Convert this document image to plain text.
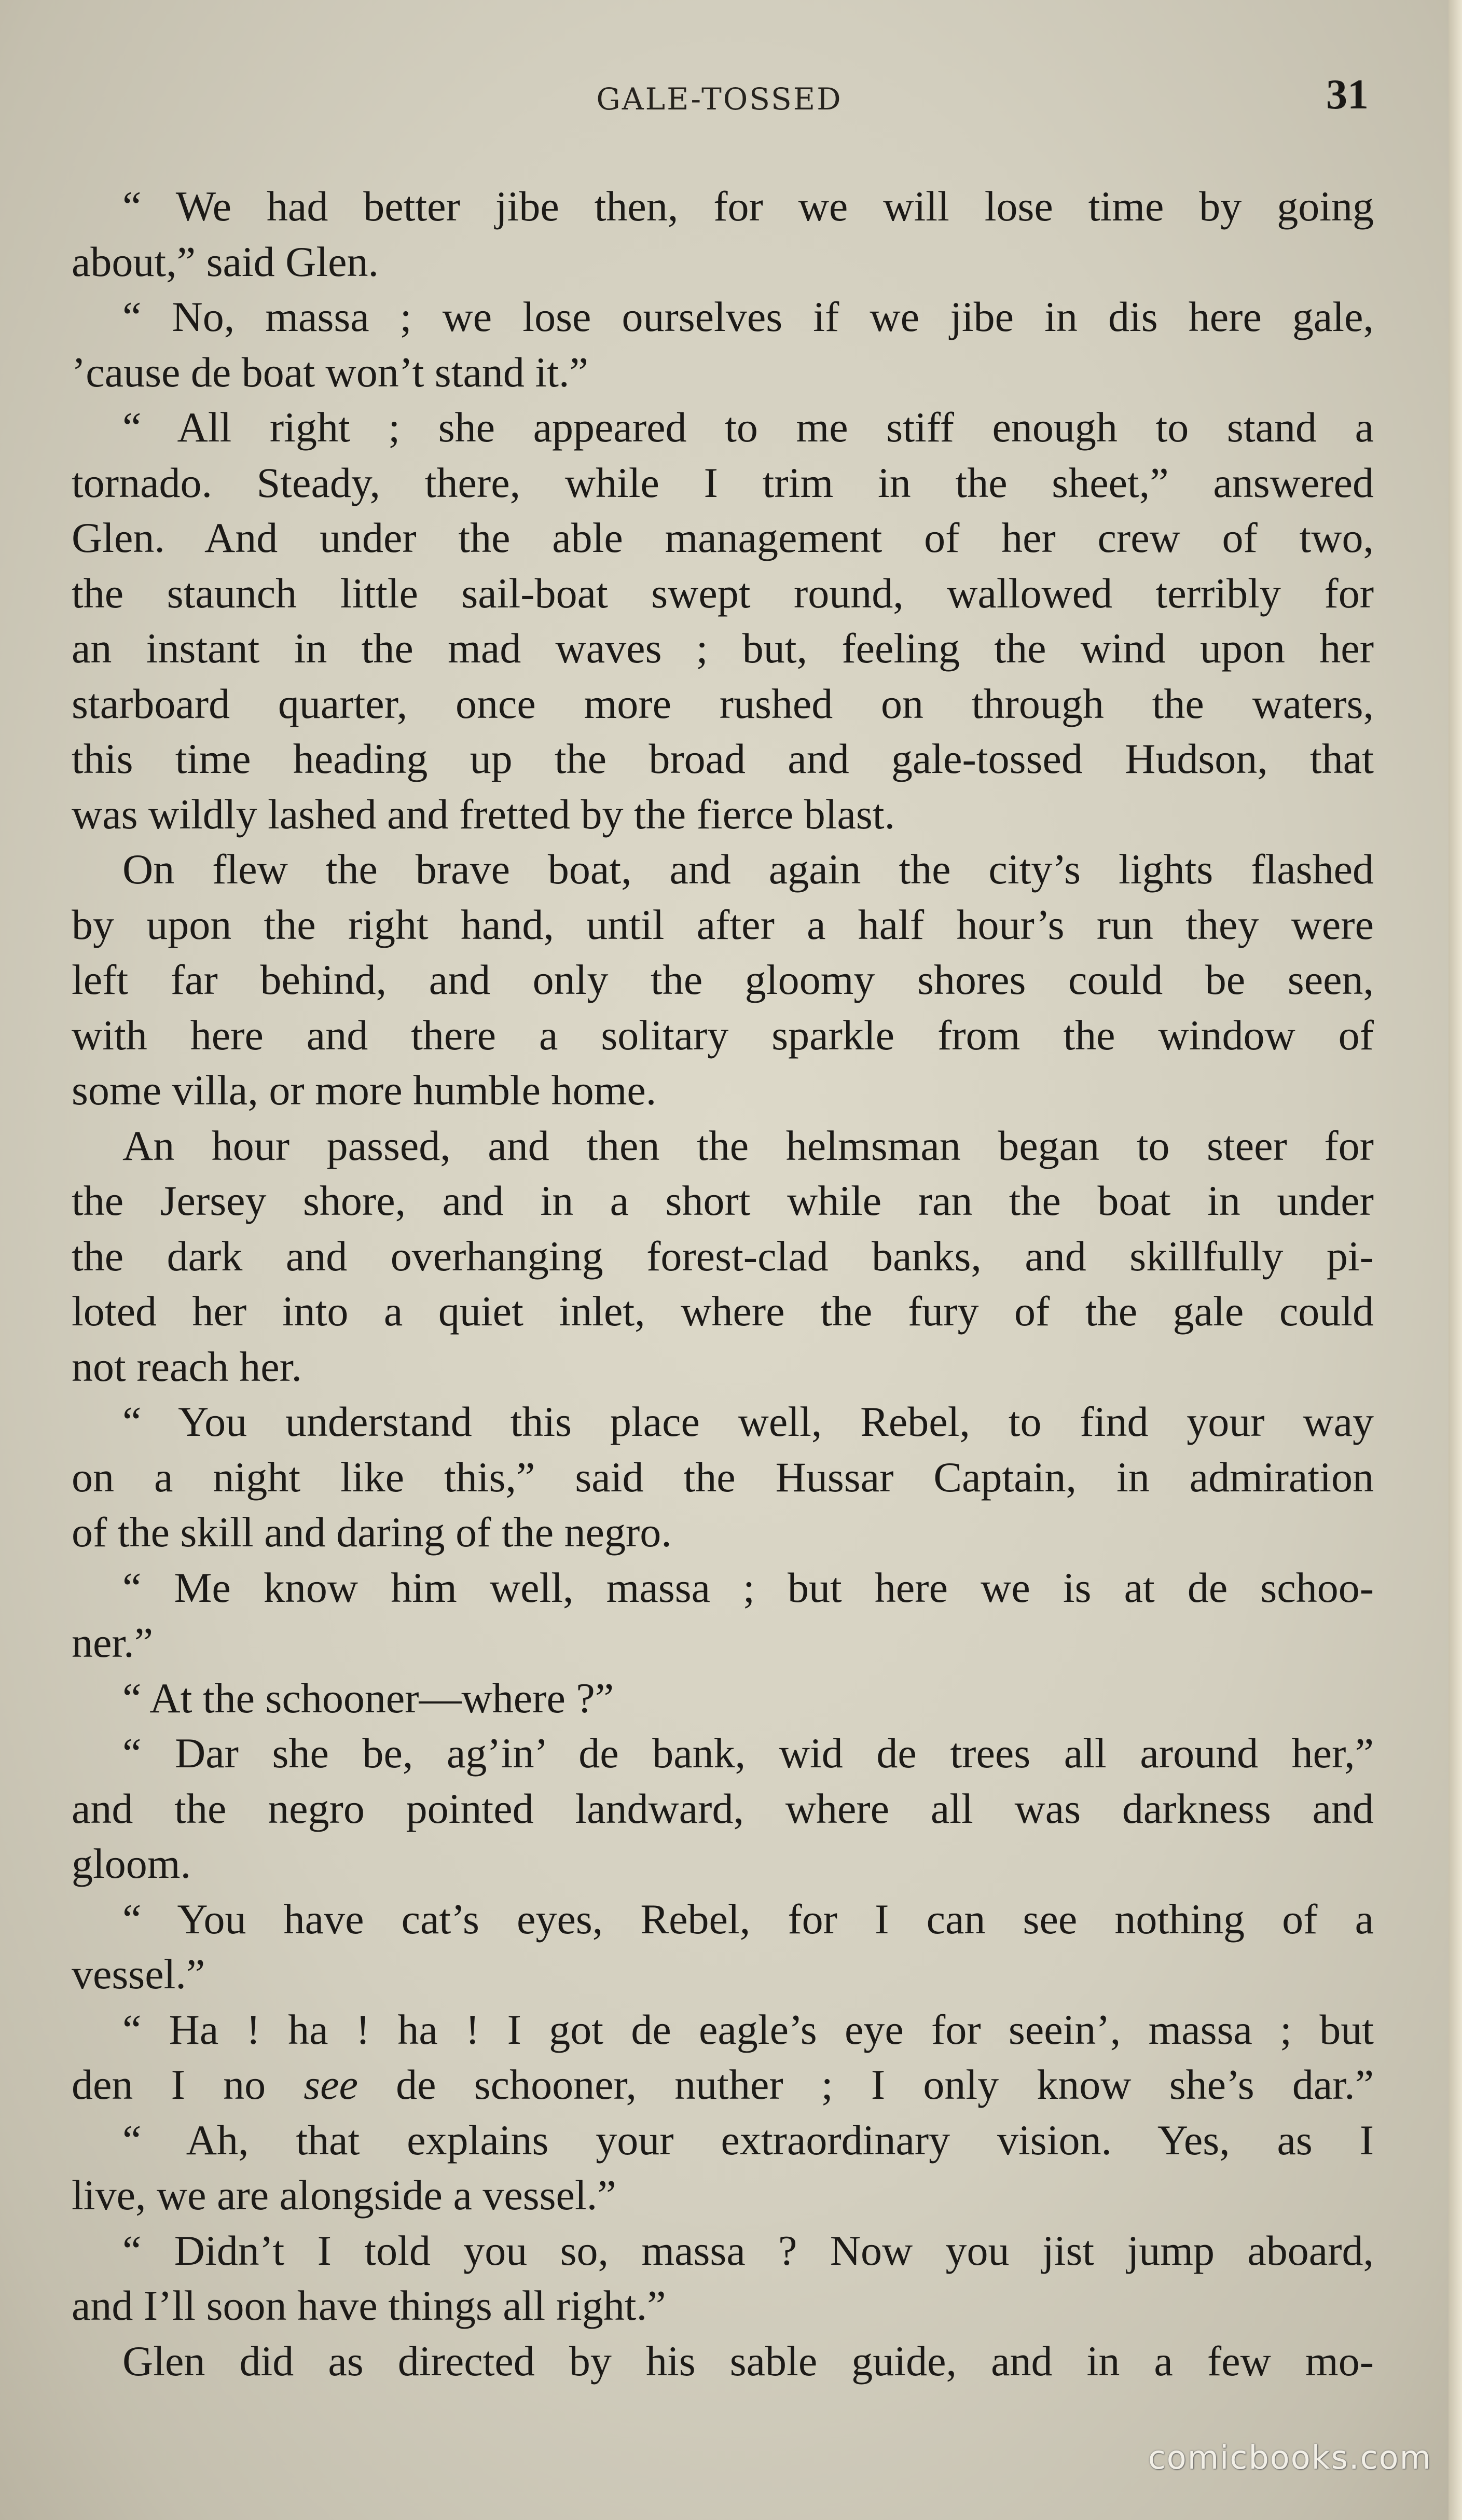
GALE-TOSSED	31
“ We had better jibe then, for we will lose time by going
about,” said Glen.
“ No, massa ; we lose ourselves if we jibe in dis here gale,
’cause de boat won’t stand it.”
“ All right ; she appeared to me stiff enough to stand a
tornado. Steady, there, while I trim in the sheet,” answered
Glen. And under the able management of her crew of two,
the staunch little sail-boat swept round, wallowed terribly for
an instant in the mad waves ; but, feeling the wind upon her
starboard quarter, once more rushed on through the waters,
this time heading up the broad and gale-tossed Hudson, that
was wildly lashed and fretted by the fierce blast.
On flew the brave boat, and again the city’s lights flashed
by upon the right hand, until after a half hour’s run they were
left far behind, and only the gloomy shores could be seen,
with here and there a solitary sparkle from the window of
some villa, or more humble home.
An hour passed, and then the helmsman began to steer for
the Jersey shore, and in a short while ran the boat in under
the dark and overhanging forest-clad banks, and skillfully pi-
loted her into a quiet inlet, where the fury of the gale could
not reach her.
“ You understand this place well, Rebel, to find your way
on a night like this,” said the Hussar Captain, in admiration
of the skill and daring of the negro.
“ Me know him well, massa ; but here we is at de schoo-
ner.”
“ At the schooner—where ?”
“ Dar she be, ag’in’ de bank, wid de trees all around her,”
and the negro pointed landward, where all was darkness and
gloom.
“ You have cat’s eyes, Rebel, for I can see nothing of a
vessel.”
“ Ha ! ha ! ha ! I got de eagle’s eye for seein’, massa ; but
den I no see de schooner, nuther ; I only know she’s dar.”
“ Ah, that explains your extraordinary vision. Yes, as I
live, we are alongside a vessel.”
“ Didn’t I told you so, massa ? Now you jist jump aboard,
and I’ll soon have things all right.”
Glen did as directed by his sable guide, and in a few mo-
comicbooks.com
